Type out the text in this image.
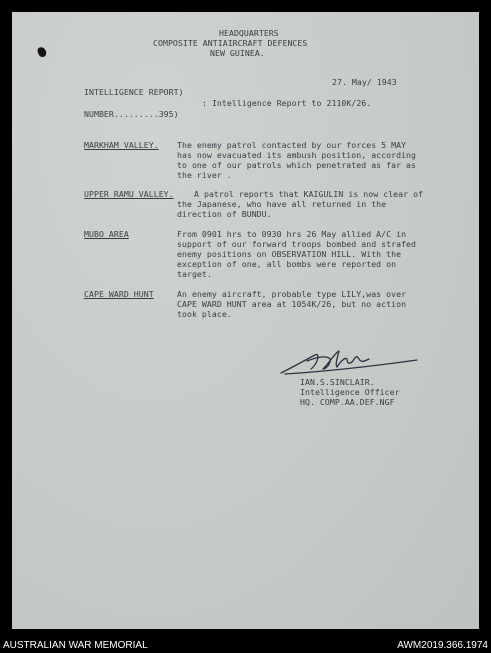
HEADQUARTERS
COMPOSITE ANTIAIRCRAFT DEFENCES
NEW GUINEA.
27. May/ 1943
INTELLIGENCE REPORT)
: Intelligence Report to 2110K/26.
NUMBER.........395)
MARKHAM VALLEY. The enemy patrol contacted by our forces 5 MAY
has now evacuated its ambush position, according
to one of our patrols which penetrated as far as
the river .
UPPER RAMU VALLEY. A patrol reports that KAIGULIN is now clear of
the Japanese, who have all returned in the
direction of BUNDU.
MUBO AREA	From 0901 hrs to 0930 hrs 26 May allied A/C in
support of our forward troops bombed and strafed
enemy positions on OBSERVATION HILL. With the
exception of one, all bombs were reported on
target.
CAPE WARD HUNT	An enemy aircraft, probable type LILY,was over
CAPE WARD HUNT area at 1054K/26, but no action
took place.
IAN.S.SINCLAIR.
Intelligence Officer
HQ. COMP.AA.DEF.NGF
AUSTRALIAN WAR MEMORIAL	AWM2019.366.1974
